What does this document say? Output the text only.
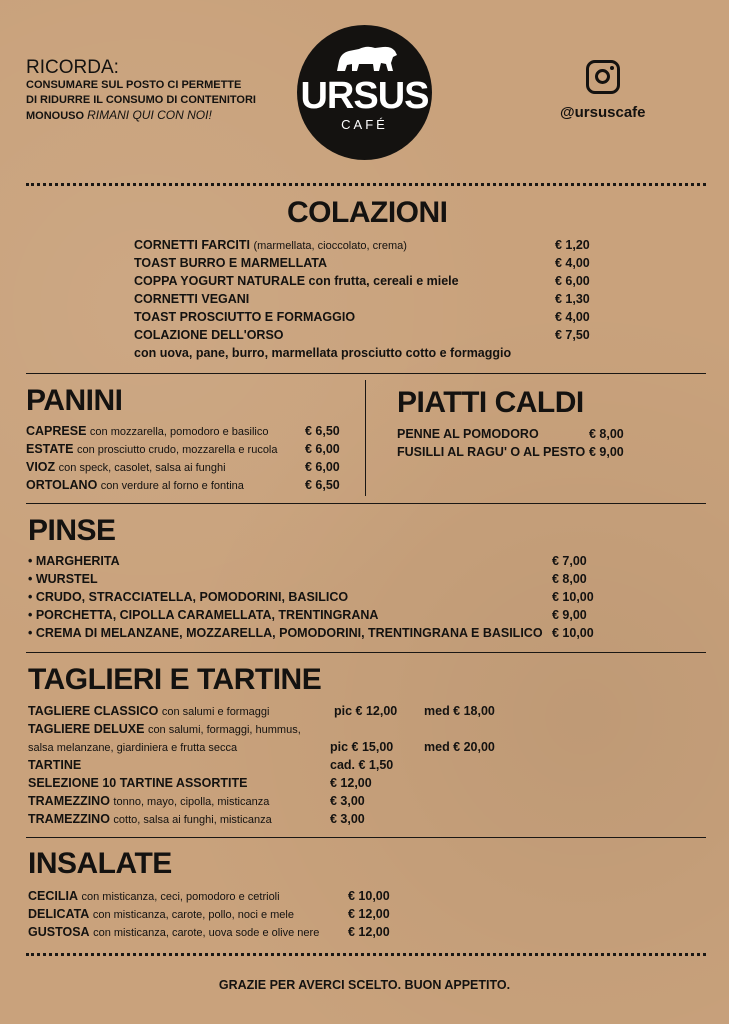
RICORDA:
CONSUMARE SUL POSTO CI PERMETTE
DI RIDURRE IL CONSUMO DI CONTENITORI
MONOUSO RIMANI QUI CON NOI!	URSUS
CAFÉ
@ursuscafe
COLAZIONI
CORNETTI FARCITI (marmellata, cioccolato, crema)	€ 1,20
TOAST BURRO E MARMELLATA	€ 4,00
COPPA YOGURT NATURALE con frutta, cereali e miele	€ 6,00
CORNETTI VEGANI	€ 1,30
TOAST PROSCIUTTO E FORMAGGIO	€ 4,00
COLAZIONE DELL'ORSO	€ 7,50
con uova, pane, burro, marmellata prosciutto cotto e formaggio
PANINI
CAPRESE con mozzarella, pomodoro e basilico	€ 6,50
ESTATE con prosciutto crudo, mozzarella e rucola € 6,00
VIOZ con speck, casolet, salsa ai funghi	€ 6,00
ORTOLANO con verdure al forno e fontina	€ 6,50
PIATTI CALDI
PENNE AL POMODORO	€ 8,00
FUSILLI AL RAGU' O AL PESTO € 9,00
PINSE
• MARGHERITA	€ 7,00
• WURSTEL	€ 8,00
• CRUDO, STRACCIATELLA, POMODORINI, BASILICO	€ 10,00
• PORCHETTA, CIPOLLA CARAMELLATA, TRENTINGRANA	€ 9,00
• CREMA DI MELANZANE, MOZZARELLA, POMODORINI, TRENTINGRANA E BASILICO € 10,00
TAGLIERI E TARTINE
TAGLIERE CLASSICO con salumi e formaggi	pic € 12,00 med € 18,00
TAGLIERE DELUXE con salumi, formaggi, hummus,
salsa melanzane, giardiniera e frutta secca	pic € 15,00 med € 20,00
TARTINE	cad. € 1,50
SELEZIONE 10 TARTINE ASSORTITE	€ 12,00
TRAMEZZINO tonno, mayo, cipolla, misticanza	€ 3,00
TRAMEZZINO cotto, salsa ai funghi, misticanza	€ 3,00
INSALATE
CECILIA con misticanza, ceci, pomodoro e cetrioli	€ 10,00
DELICATA con misticanza, carote, pollo, noci e mele	€ 12,00
GUSTOSA con misticanza, carote, uova sode e olive nere € 12,00
GRAZIE PER AVERCI SCELTO. BUON APPETITO.
